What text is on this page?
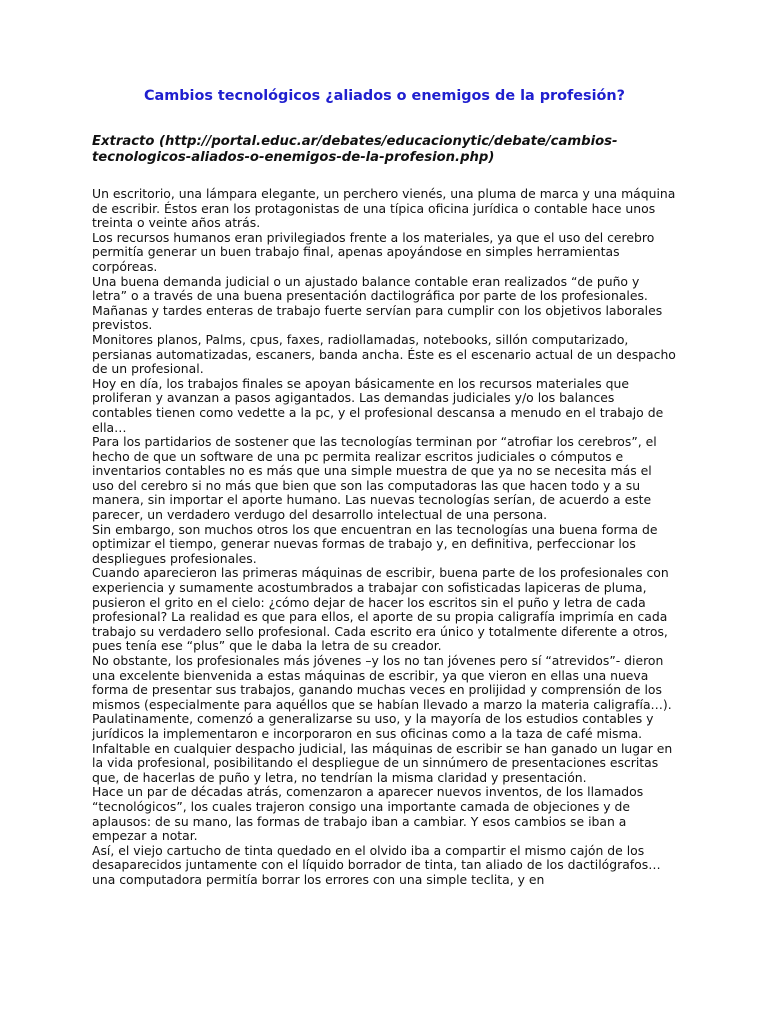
Cambios tecnológicos ¿aliados o enemigos de la profesión?
Extracto (http://portal.educ.ar/debates/educacionytic/debate/cambios-tecnologicos-aliados-o-enemigos-de-la-profesion.php)

Un escritorio, una lámpara elegante, un perchero vienés, una pluma de marca y una máquina de escribir. Éstos eran los protagonistas de una típica oficina jurídica o contable hace unos treinta o veinte años atrás.

Los recursos humanos eran privilegiados frente a los materiales, ya que el uso del cerebro permitía generar un buen trabajo final, apenas apoyándose en simples herramientas corpóreas.

Una buena demanda judicial o un ajustado balance contable eran realizados “de puño y letra” o a través de una buena presentación dactilográfica por parte de los profesionales. Mañanas y tardes enteras de trabajo fuerte servían para cumplir con los objetivos laborales previstos.

Monitores planos, Palms, cpus, faxes, radiollamadas, notebooks, sillón computarizado, persianas automatizadas, escaners, banda ancha. Éste es el escenario actual de un despacho de un profesional.

Hoy en día, los trabajos finales se apoyan básicamente en los recursos materiales que proliferan y avanzan a pasos agigantados. Las demandas judiciales y/o los balances contables tienen como vedette a la pc, y el profesional descansa a menudo en el trabajo de ella…

Para los partidarios de sostener que las tecnologías terminan por “atrofiar los cerebros”, el hecho de que un software de una pc permita realizar escritos judiciales o cómputos e inventarios contables no es más que una simple muestra de que ya no se necesita más el uso del cerebro si no más que bien que son las computadoras las que hacen todo y a su manera, sin importar el aporte humano. Las nuevas tecnologías serían, de acuerdo a este parecer, un verdadero verdugo del desarrollo intelectual de una persona.

Sin embargo, son muchos otros los que encuentran en las tecnologías una buena forma de optimizar el tiempo, generar nuevas formas de trabajo y, en definitiva, perfeccionar los despliegues profesionales.

Cuando aparecieron las primeras máquinas de escribir, buena parte de los profesionales con experiencia y sumamente acostumbrados a trabajar con sofisticadas lapiceras de pluma, pusieron el grito en el cielo: ¿cómo dejar de hacer los escritos sin el puño y letra de cada profesional? La realidad es que para ellos, el aporte de su propia caligrafía imprimía en cada trabajo su verdadero sello profesional. Cada escrito era único y totalmente diferente a otros, pues tenía ese “plus” que le daba la letra de su creador.

No obstante, los profesionales más jóvenes –y los no tan jóvenes pero sí “atrevidos”- dieron una excelente bienvenida a estas máquinas de escribir, ya que vieron en ellas una nueva forma de presentar sus trabajos, ganando muchas veces en prolijidad y comprensión de los mismos (especialmente para aquéllos que se habían llevado a marzo la materia caligrafía…).

Paulatinamente, comenzó a generalizarse su uso, y la mayoría de los estudios contables y jurídicos la implementaron e incorporaron en sus oficinas como a la taza de café misma.

Infaltable en cualquier despacho judicial, las máquinas de escribir se han ganado un lugar en la vida profesional, posibilitando el despliegue de un sinnúmero de presentaciones escritas que, de hacerlas de puño y letra, no tendrían la misma claridad y presentación.

Hace un par de décadas atrás, comenzaron a aparecer nuevos inventos, de los llamados “tecnológicos”, los cuales trajeron consigo una importante camada de objeciones y de aplausos: de su mano, las formas de trabajo iban a cambiar. Y esos cambios se iban a empezar a notar.

Así, el viejo cartucho de tinta quedado en el olvido iba a compartir el mismo cajón de los desaparecidos juntamente con el líquido borrador de tinta, tan aliado de los dactilógrafos…una computadora permitía borrar los errores con una simple teclita, y en
